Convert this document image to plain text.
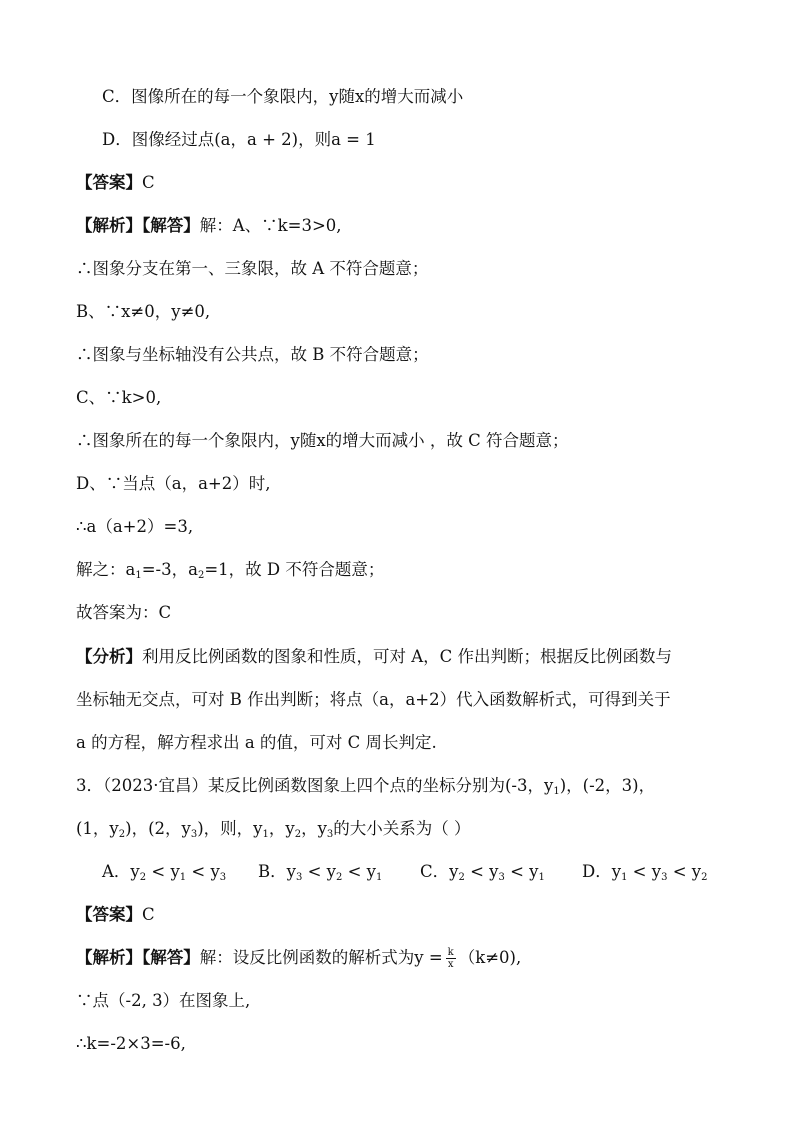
C．图像所在的每一个象限内，y随x的增大而减小
D．图像经过点(a，a + 2)，则a = 1
【答案】C
【解析】【解答】解：A、∵k=3>0,
∴图象分支在第一、三象限，故 A 不符合题意；
B、∵x≠0，y≠0,
∴图象与坐标轴没有公共点，故 B 不符合题意；
C、∵k>0,
∴图象所在的每一个象限内，y随x的增大而减小 ，故 C 符合题意；
D、∵当点（a，a+2）时,
∴a（a+2）=3,
解之：$a_1=-3$，$a_2=1$，故 D 不符合题意；
故答案为：C
【分析】利用反比例函数的图象和性质，可对 A，C 作出判断；根据反比例函数与
坐标轴无交点，可对 B 作出判断；将点（a，a+2）代入函数解析式，可得到关于
a 的方程，解方程求出 a 的值，可对 C 周长判定.
3．（2023·宜昌）某反比例函数图象上四个点的坐标分别为(-3，$y_1$)，(-2，3)，
(1，$y_2$)，(2，$y_3$)，则，$y_1$，$y_2$，$y_3$的大小关系为（ ）
A．$y_2 < y_1 < y_3$ B．$y_3 < y_2 < y_1$ C．$y_2 < y_3 < y_1$ D．$y_1 < y_3 < y_2$
【答案】C
【解析】【解答】解：设反比例函数的解析式为$y = \frac{k}{x} (k\ne 0)$,
∵点（-2, 3）在图象上,
∴k=-2×3=-6,
